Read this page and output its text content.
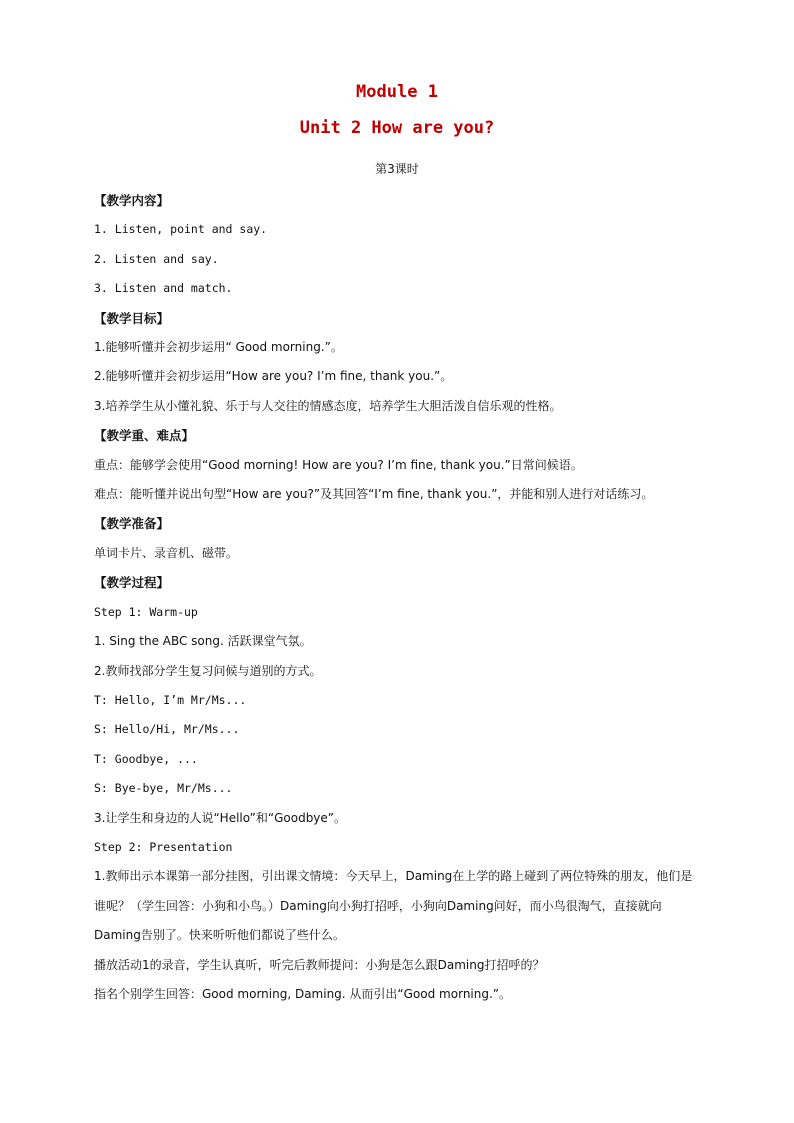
Module 1
Unit 2 How are you?
第3课时

【教学内容】

1. Listen, point and say.

2. Listen and say.

3. Listen and match.

【教学目标】

1.能够听懂并会初步运用“ Good morning.”。

2.能够听懂并会初步运用“How are you? I’m fine, thank you.”。

3.培养学生从小懂礼貌、乐于与人交往的情感态度，培养学生大胆活泼自信乐观的性格。

【教学重、难点】

重点：能够学会使用“Good morning! How are you? I’m fine, thank you.”日常问候语。

难点：能听懂并说出句型“How are you?”及其回答“I’m fine, thank you.”，并能和别人进行对话练习。

【教学准备】

单词卡片、录音机、磁带。

【教学过程】

Step 1: Warm-up

1. Sing the ABC song. 活跃课堂气氛。

2.教师找部分学生复习问候与道别的方式。

T: Hello, I’m Mr/Ms...

S: Hello/Hi, Mr/Ms...

T: Goodbye, ...

S: Bye-bye, Mr/Ms...

3.让学生和身边的人说“Hello”和“Goodbye”。

Step 2: Presentation

1.教师出示本课第一部分挂图，引出课文情境：今天早上，Daming在上学的路上碰到了两位特殊的朋友，他们是谁呢？（学生回答：小狗和小鸟。）Daming向小狗打招呼，小狗向Daming问好，而小鸟很淘气，直接就向Daming告别了。快来听听他们都说了些什么。

播放活动1的录音，学生认真听，听完后教师提问：小狗是怎么跟Daming打招呼的？

指名个别学生回答：Good morning, Daming. 从而引出“Good morning.”。
